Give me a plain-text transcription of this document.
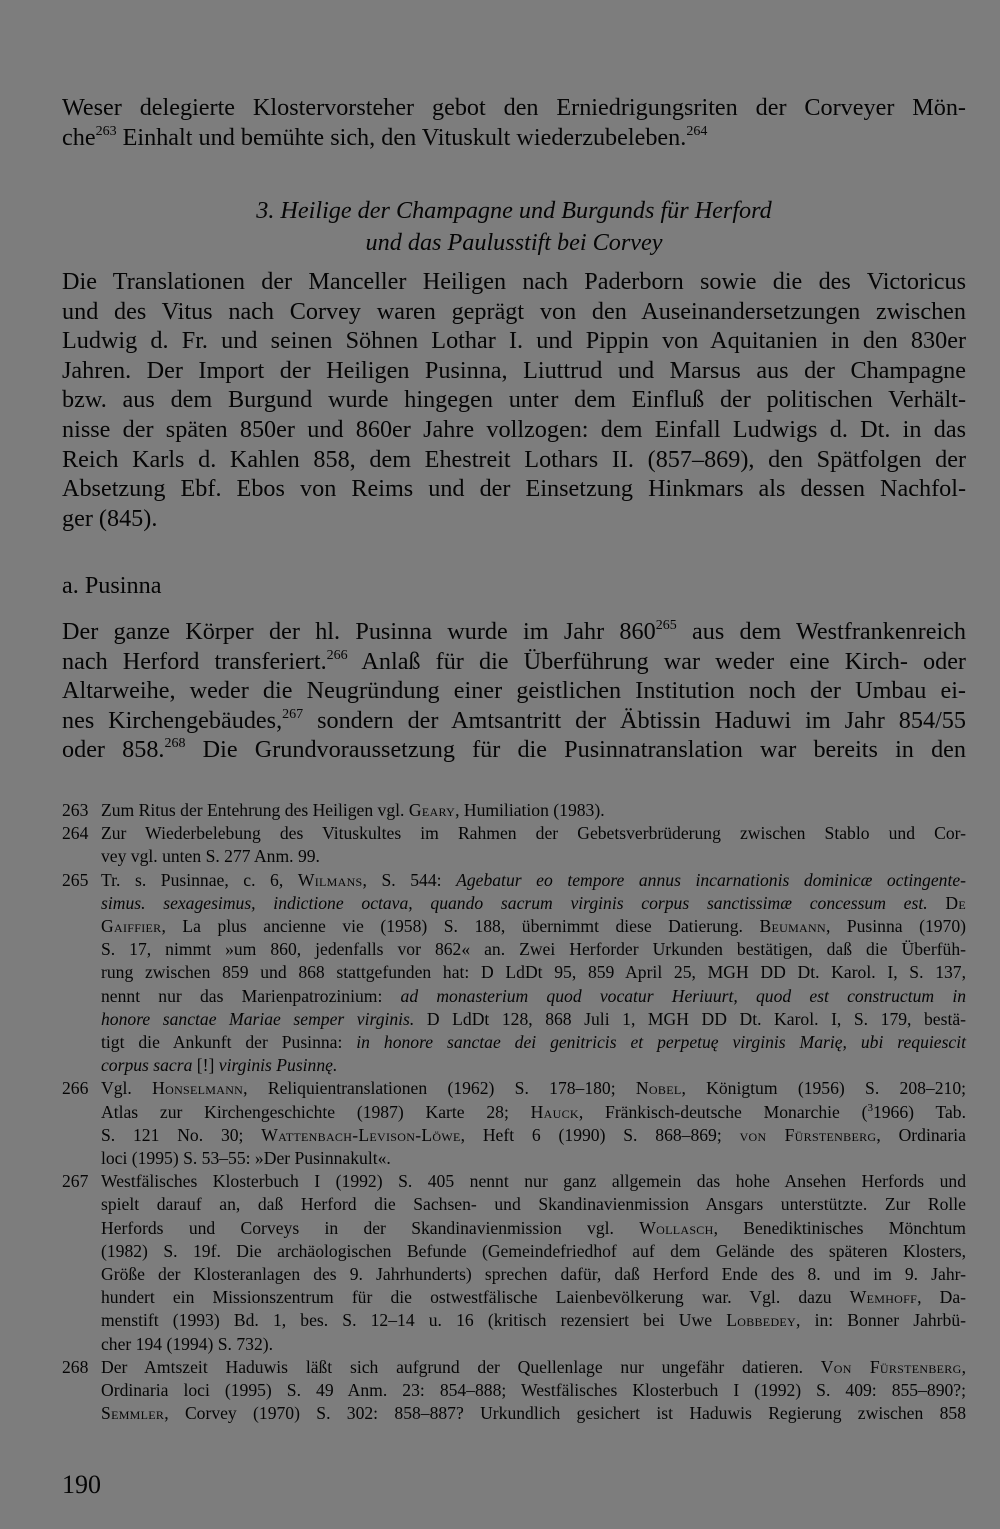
Weser delegierte Klostervorsteher gebot den Erniedrigungsriten der Corveyer Mön-
che$^{263}$ Einhalt und bemühte sich, den Vituskult wiederzubeleben.$^{264}$
3. Heilige der Champagne und Burgunds für Herford
und das Paulusstift bei Corvey
Die Translationen der Manceller Heiligen nach Paderborn sowie die des Victoricus
und des Vitus nach Corvey waren geprägt von den Auseinandersetzungen zwischen
Ludwig d. Fr. und seinen Söhnen Lothar I. und Pippin von Aquitanien in den 830er
Jahren. Der Import der Heiligen Pusinna, Liuttrud und Marsus aus der Champagne
bzw. aus dem Burgund wurde hingegen unter dem Einfluß der politischen Verhält-
nisse der späten 850er und 860er Jahre vollzogen: dem Einfall Ludwigs d. Dt. in das
Reich Karls d. Kahlen 858, dem Ehestreit Lothars II. (857–869), den Spätfolgen der
Absetzung Ebf. Ebos von Reims und der Einsetzung Hinkmars als dessen Nachfol-
ger (845).
a. Pusinna
Der ganze Körper der hl. Pusinna wurde im Jahr $860^{265}$ aus dem Westfrankenreich
nach Herford transferiert.$^{266}$ Anlaß für die Überführung war weder eine Kirch- oder
Altarweihe, weder die Neugründung einer geistlichen Institution noch der Umbau ei-
nes Kirchengebäudes,$^{267}$ sondern der Amtsantritt der Äbtissin Haduwi im Jahr 854/55
oder 858.$^{268}$ Die Grundvoraussetzung für die Pusinnatranslation war bereits in den
263 Zum Ritus der Entehrung des Heiligen vgl. Geary, Humiliation (1983).
264 Zur Wiederbelebung des Vituskultes im Rahmen der Gebetsverbrüderung zwischen Stablo und Cor-
vey vgl. unten S. 277 Anm. 99.
265 Tr. s. Pusinnae, c. 6, Wilmans, S. 544: Agebatur eo tempore annus incarnationis dominicæ octingente-
simus. sexagesimus, indictione octava, quando sacrum virginis corpus sanctissimæ concessum est. De
Gaiffier, La plus ancienne vie (1958) S. 188, übernimmt diese Datierung. Beumann, Pusinna (1970)
S. 17, nimmt »um 860, jedenfalls vor 862« an. Zwei Herforder Urkunden bestätigen, daß die Überfüh-
rung zwischen 859 und 868 stattgefunden hat: D LdDt 95, 859 April 25, MGH DD Dt. Karol. I, S. 137,
nennt nur das Marienpatrozinium: ad monasterium quod vocatur Heriuurt, quod est constructum in
honore sanctae Mariae semper virginis. D LdDt 128, 868 Juli 1, MGH DD Dt. Karol. I, S. 179, bestä-
tigt die Ankunft der Pusinna: in honore sanctae dei genitricis et perpetuę virginis Marię, ubi requiescit
corpus sacra [!] virginis Pusinnę.
266 Vgl. Honselmann, Reliquientranslationen (1962) S. 178–180; Nobel, Königtum (1956) S. 208–210;
Atlas zur Kirchengeschichte (1987) Karte 28; Hauck, Fränkisch-deutsche Monarchie ($^3$1966) Tab.
S. 121 No. 30; Wattenbach-Levison-Löwe, Heft 6 (1990) S. 868–869; von Fürstenberg, Ordinaria
loci (1995) S. 53–55: »Der Pusinnakult«.
267 Westfälisches Klosterbuch I (1992) S. 405 nennt nur ganz allgemein das hohe Ansehen Herfords und
spielt darauf an, daß Herford die Sachsen- und Skandinavienmission Ansgars unterstützte. Zur Rolle
Herfords und Corveys in der Skandinavienmission vgl. Wollasch, Benediktinisches Mönchtum
(1982) S. 19f. Die archäologischen Befunde (Gemeindefriedhof auf dem Gelände des späteren Klosters,
Größe der Klosteranlagen des 9. Jahrhunderts) sprechen dafür, daß Herford Ende des 8. und im 9. Jahr-
hundert ein Missionszentrum für die ostwestfälische Laienbevölkerung war. Vgl. dazu Wemhoff, Da-
menstift (1993) Bd. 1, bes. S. 12–14 u. 16 (kritisch rezensiert bei Uwe Lobbedey, in: Bonner Jahrbü-
cher 194 (1994) S. 732).
268 Der Amtszeit Haduwis läßt sich aufgrund der Quellenlage nur ungefähr datieren. Von Fürstenberg,
Ordinaria loci (1995) S. 49 Anm. 23: 854–888; Westfälisches Klosterbuch I (1992) S. 409: 855–890?;
Semmler, Corvey (1970) S. 302: 858–887? Urkundlich gesichert ist Haduwis Regierung zwischen 858
190
